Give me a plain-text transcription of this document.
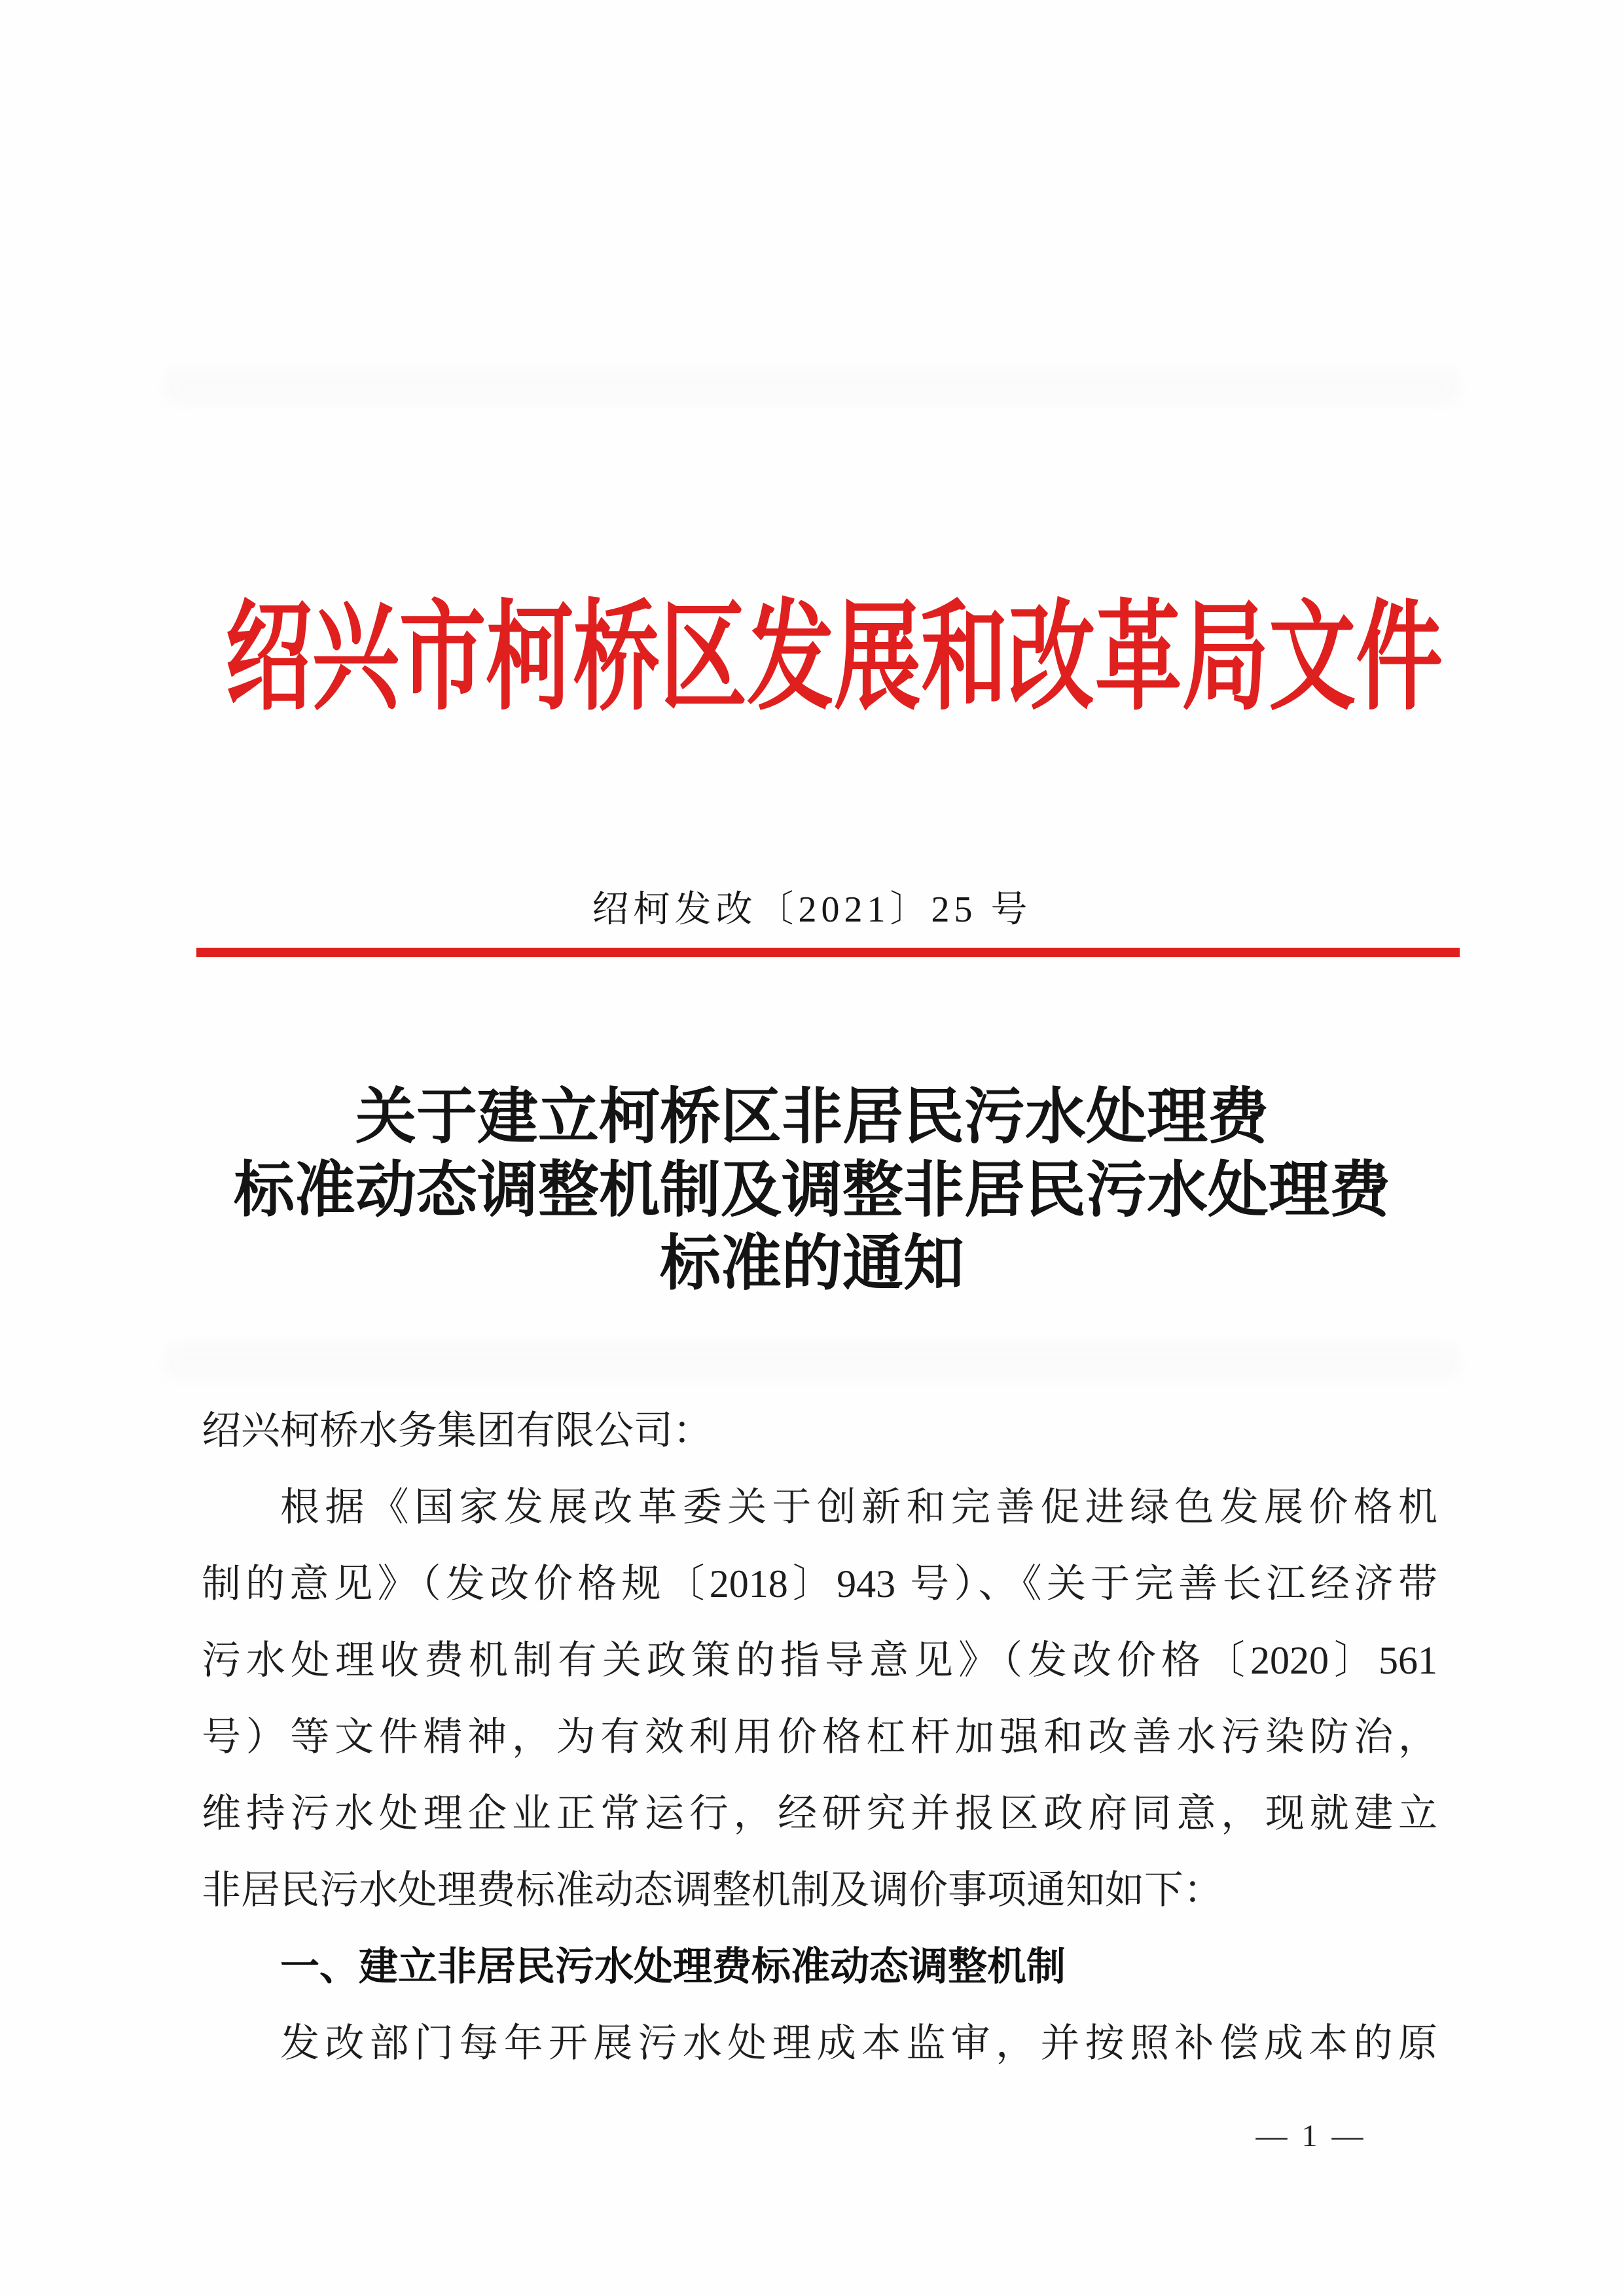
绍兴市柯桥区发展和改革局文件
绍柯发改〔2021〕25 号
关于建立柯桥区非居民污水处理费
标准动态调整机制及调整非居民污水处理费
标准的通知
绍兴柯桥水务集团有限公司：
根据《国家发展改革委关于创新和完善促进绿色发展价格机
制的意见》（发改价格规〔2018〕943 号）、《关于完善长江经济带
污水处理收费机制有关政策的指导意见》（发改价格〔2020〕561
号）等文件精神，为有效利用价格杠杆加强和改善水污染防治，
维持污水处理企业正常运行，经研究并报区政府同意，现就建立
非居民污水处理费标准动态调整机制及调价事项通知如下：
一、建立非居民污水处理费标准动态调整机制
发改部门每年开展污水处理成本监审，并按照补偿成本的原
— 1 —
